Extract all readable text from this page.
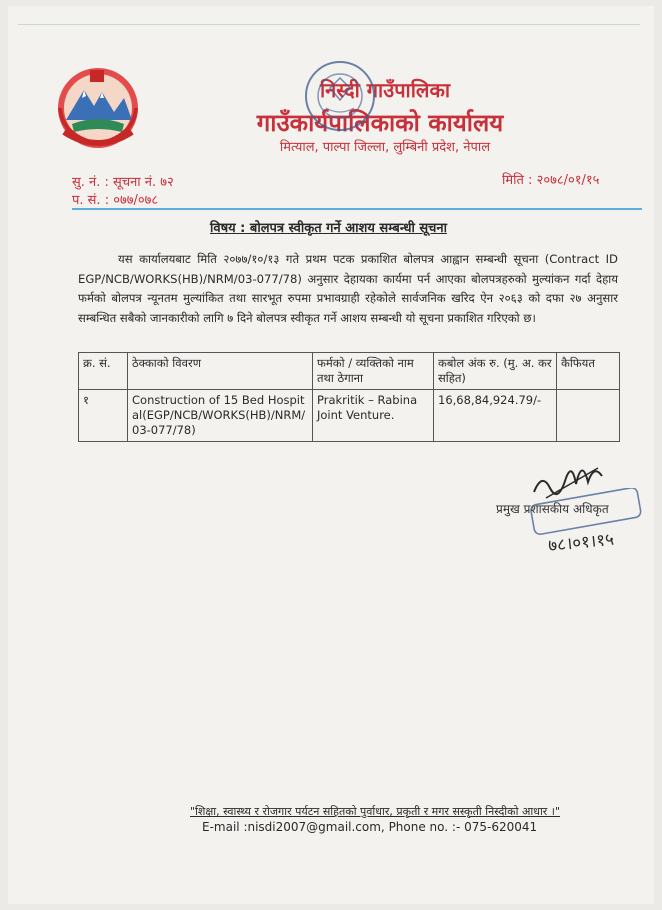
निस्दी गाउँपालिका
गाउँकार्यपालिकाको कार्यालय
मित्याल, पाल्पा जिल्ला, लुम्बिनी प्रदेश, नेपाल
सु. नं. : सूचना नं. ७२
प. सं. : ०७७/०७८
मिति : २०७८/०१/१५
विषय : बोलपत्र स्वीकृत गर्ने आशय सम्बन्धी सूचना
यस कार्यालयबाट मिति २०७७/१०/१३ गते प्रथम पटक प्रकाशित बोलपत्र आह्वान सम्बन्धी सूचना (Contract ID EGP/NCB/WORKS(HB)/NRM/03-077/78) अनुसार देहायका कार्यमा पर्न आएका बोलपत्रहरुको मुल्यांकन गर्दा देहाय फर्मको बोलपत्र न्यूनतम मुल्यांकित तथा सारभूत रुपमा प्रभावग्राही रहेकोले सार्वजनिक खरिद ऐन २०६३ को दफा २७ अनुसार सम्बन्धित सबैको जानकारीको लागि ७ दिने बोलपत्र स्वीकृत गर्ने आशय सम्बन्धी यो सूचना प्रकाशित गरिएको छ।
क्र. सं.	ठेक्काको विवरण	फर्मको / व्यक्तिको नाम तथा ठेगाना	कबोल अंक रु. (मु. अ. कर सहित)	कैफियत
१	Construction of 15 Bed Hospital(EGP/NCB/WORKS(HB)/NRM/03-077/78)	Prakritik – Rabina Joint Venture.	16,68,84,924.79/-	
प्रमुख प्रशासकीय अधिकृत
७८।०१।१५
"शिक्षा, स्वास्थ्य र रोजगार पर्यटन सहितको पुर्वाधार, प्रकृती र मगर सस्कृती निस्दीको आधार ।"
E-mail :nisdi2007@gmail.com, Phone no. :- 075-620041
